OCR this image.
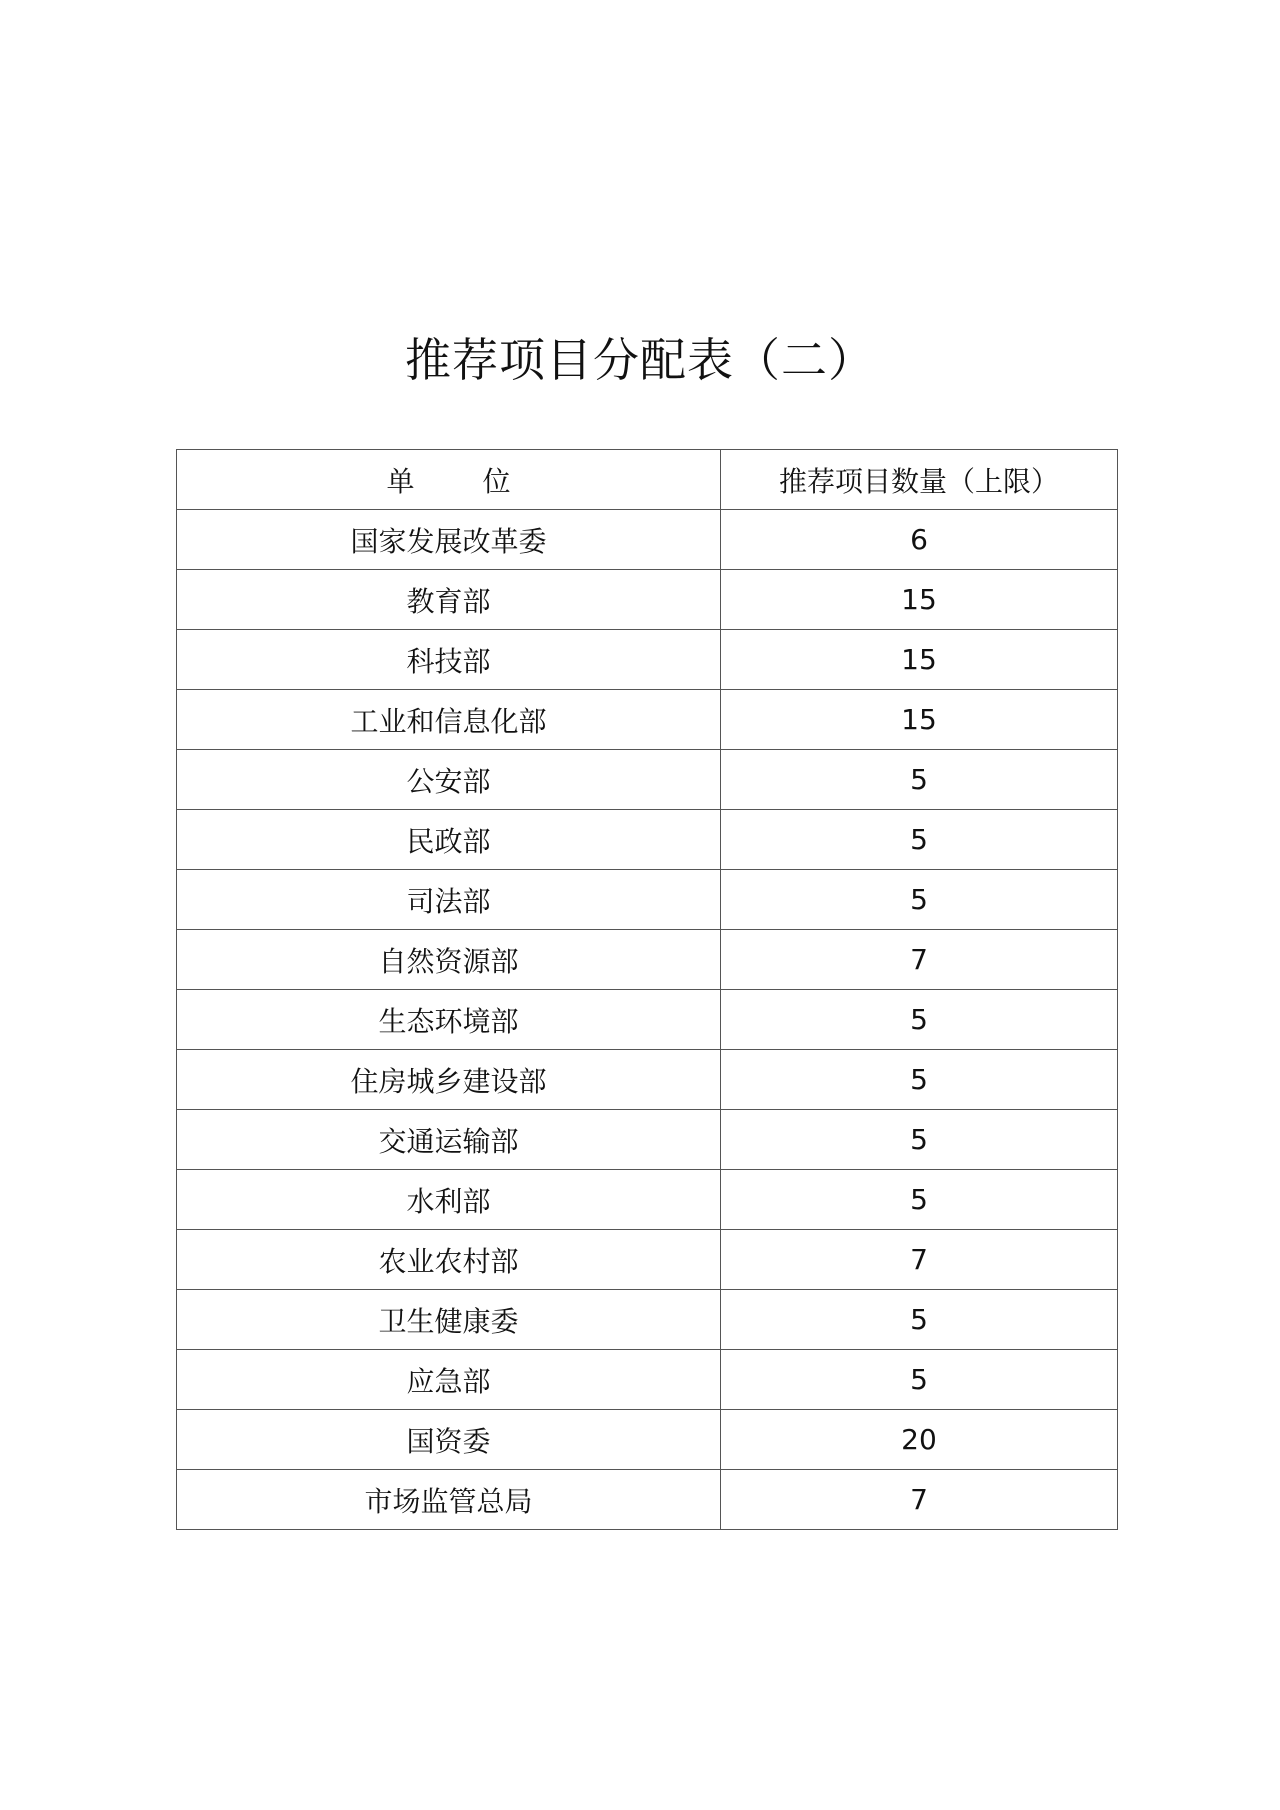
推荐项目分配表（二）
单位	推荐项目数量（上限）
国家发展改革委	6
教育部	15
科技部	15
工业和信息化部	15
公安部	5
民政部	5
司法部	5
自然资源部	7
生态环境部	5
住房城乡建设部	5
交通运输部	5
水利部	5
农业农村部	7
卫生健康委	5
应急部	5
国资委	20
市场监管总局	7
